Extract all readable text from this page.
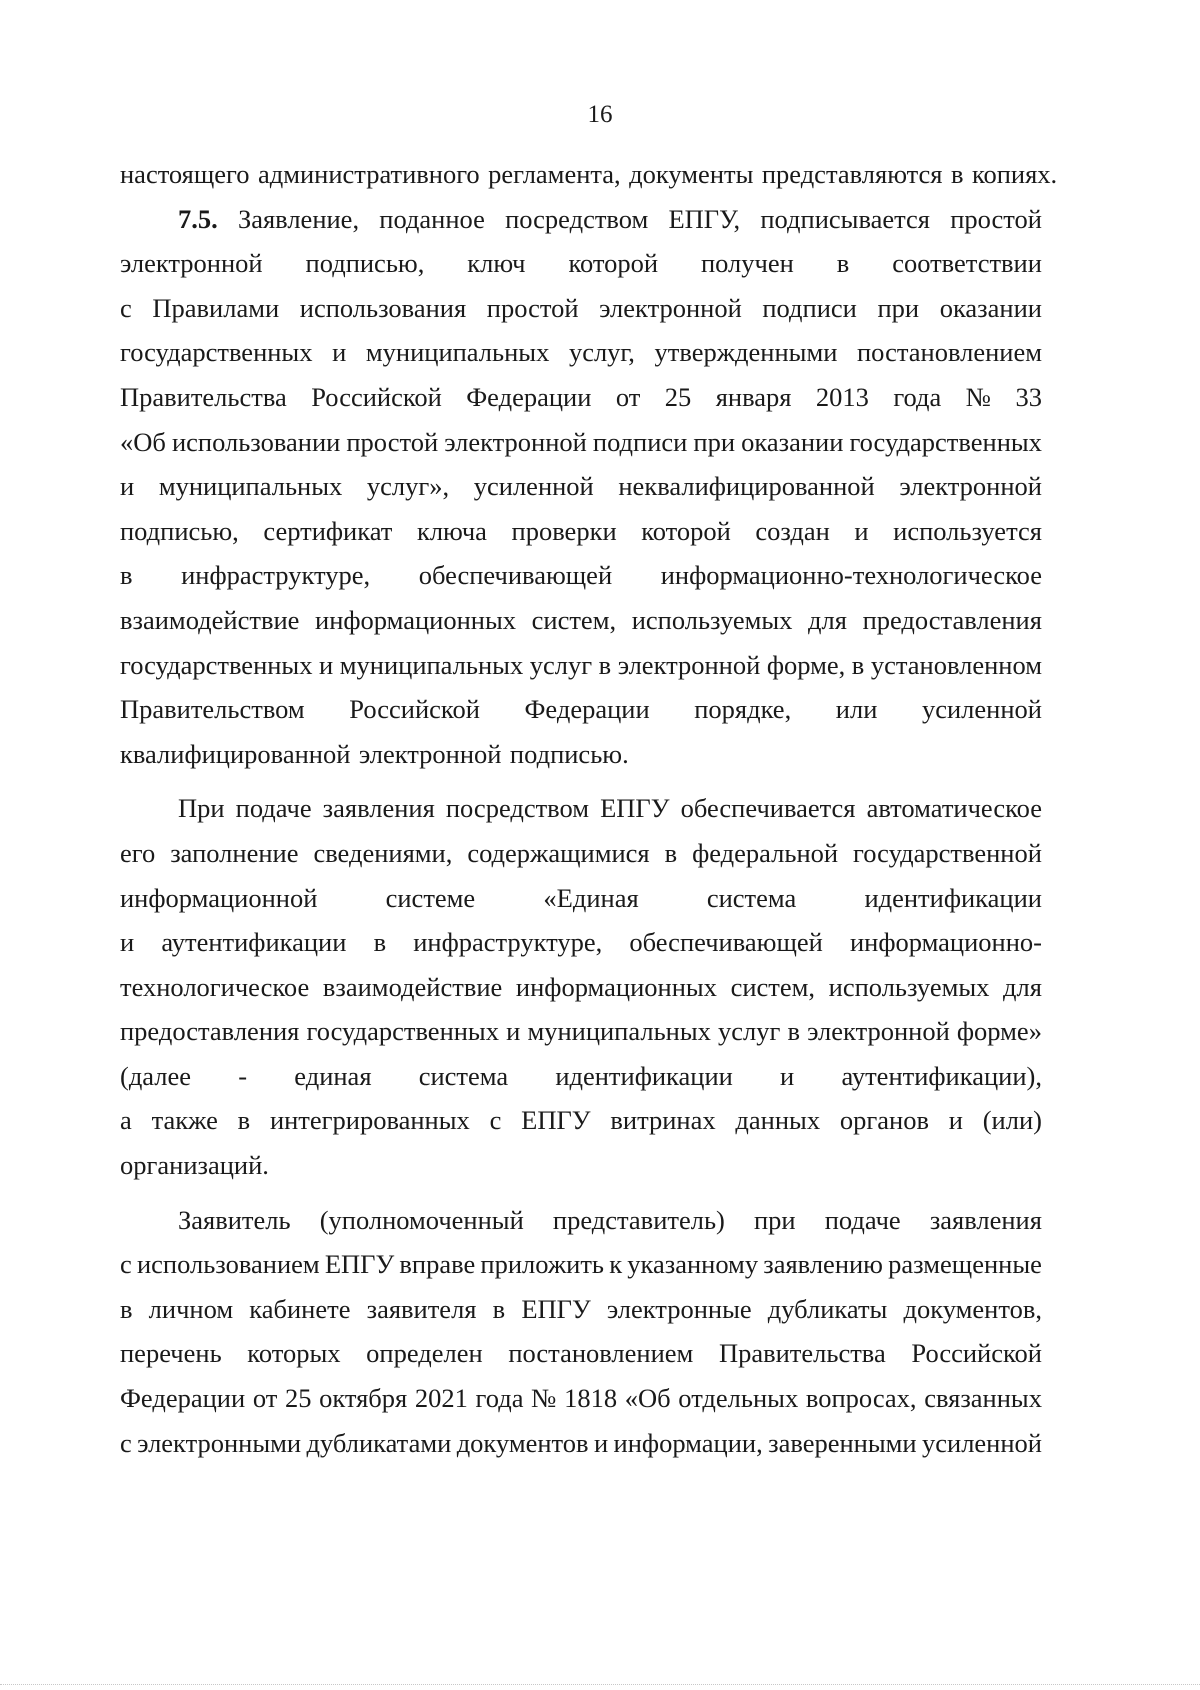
16
настоящего административного регламента, документы представляются в копиях.
7.5. Заявление, поданное посредством ЕПГУ, подписывается простой
электронной подписью, ключ которой получен в соответствии
с Правилами использования простой электронной подписи при оказании
государственных и муниципальных услуг, утвержденными постановлением
Правительства Российской Федерации от 25 января 2013 года № 33
«Об использовании простой электронной подписи при оказании государственных
и муниципальных услуг», усиленной неквалифицированной электронной
подписью, сертификат ключа проверки которой создан и используется
в инфраструктуре, обеспечивающей информационно-технологическое
взаимодействие информационных систем, используемых для предоставления
государственных и муниципальных услуг в электронной форме, в установленном
Правительством Российской Федерации порядке, или усиленной
квалифицированной электронной подписью.
При подаче заявления посредством ЕПГУ обеспечивается автоматическое
его заполнение сведениями, содержащимися в федеральной государственной
информационной	системе	«Единая	система	идентификации
и аутентификации в инфраструктуре, обеспечивающей информационно-
технологическое взаимодействие информационных систем, используемых для
предоставления государственных и муниципальных услуг в электронной форме»
(далее - единая система идентификации и аутентификации),
а также в интегрированных с ЕПГУ витринах данных органов и (или)
организаций.
Заявитель (уполномоченный представитель) при подаче заявления
с использованием ЕПГУ вправе приложить к указанному заявлению размещенные
в личном кабинете заявителя в ЕПГУ электронные дубликаты документов,
перечень которых определен постановлением Правительства Российской
Федерации от 25 октября 2021 года № 1818 «Об отдельных вопросах, связанных
с электронными дубликатами документов и информации, заверенными усиленной
